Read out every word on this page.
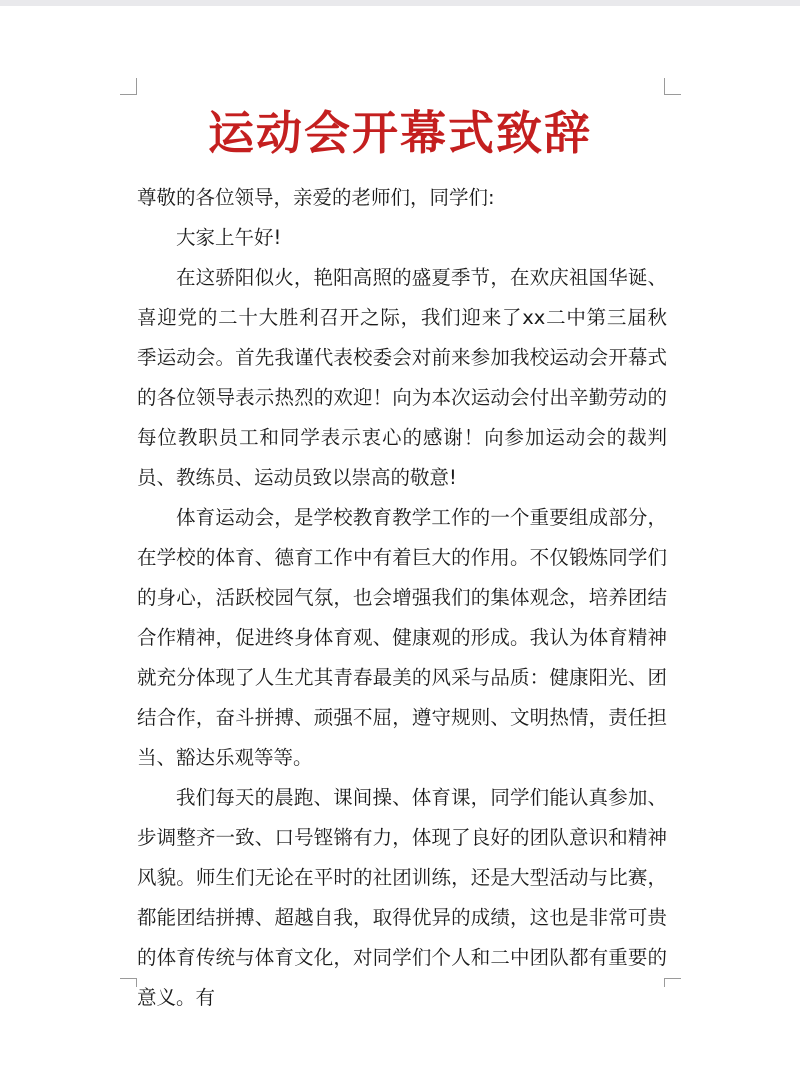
运动会开幕式致辞

尊敬的各位领导，亲爱的老师们，同学们:

大家上午好!

在这骄阳似火，艳阳高照的盛夏季节，在欢庆祖国华诞、喜迎党的二十大胜利召开之际，我们迎来了xx二中第三届秋季运动会。首先我谨代表校委会对前来参加我校运动会开幕式的各位领导表示热烈的欢迎！向为本次运动会付出辛勤劳动的每位教职员工和同学表示衷心的感谢！向参加运动会的裁判员、教练员、运动员致以崇高的敬意!

体育运动会，是学校教育教学工作的一个重要组成部分，在学校的体育、德育工作中有着巨大的作用。不仅锻炼同学们的身心，活跃校园气氛，也会增强我们的集体观念，培养团结合作精神，促进终身体育观、健康观的形成。我认为体育精神就充分体现了人生尤其青春最美的风采与品质：健康阳光、团结合作，奋斗拼搏、顽强不屈，遵守规则、文明热情，责任担当、豁达乐观等等。

我们每天的晨跑、课间操、体育课，同学们能认真参加、步调整齐一致、口号铿锵有力，体现了良好的团队意识和精神风貌。师生们无论在平时的社团训练，还是大型活动与比赛，都能团结拼搏、超越自我，取得优异的成绩，这也是非常可贵的体育传统与体育文化，对同学们个人和二中团队都有重要的意义。有
